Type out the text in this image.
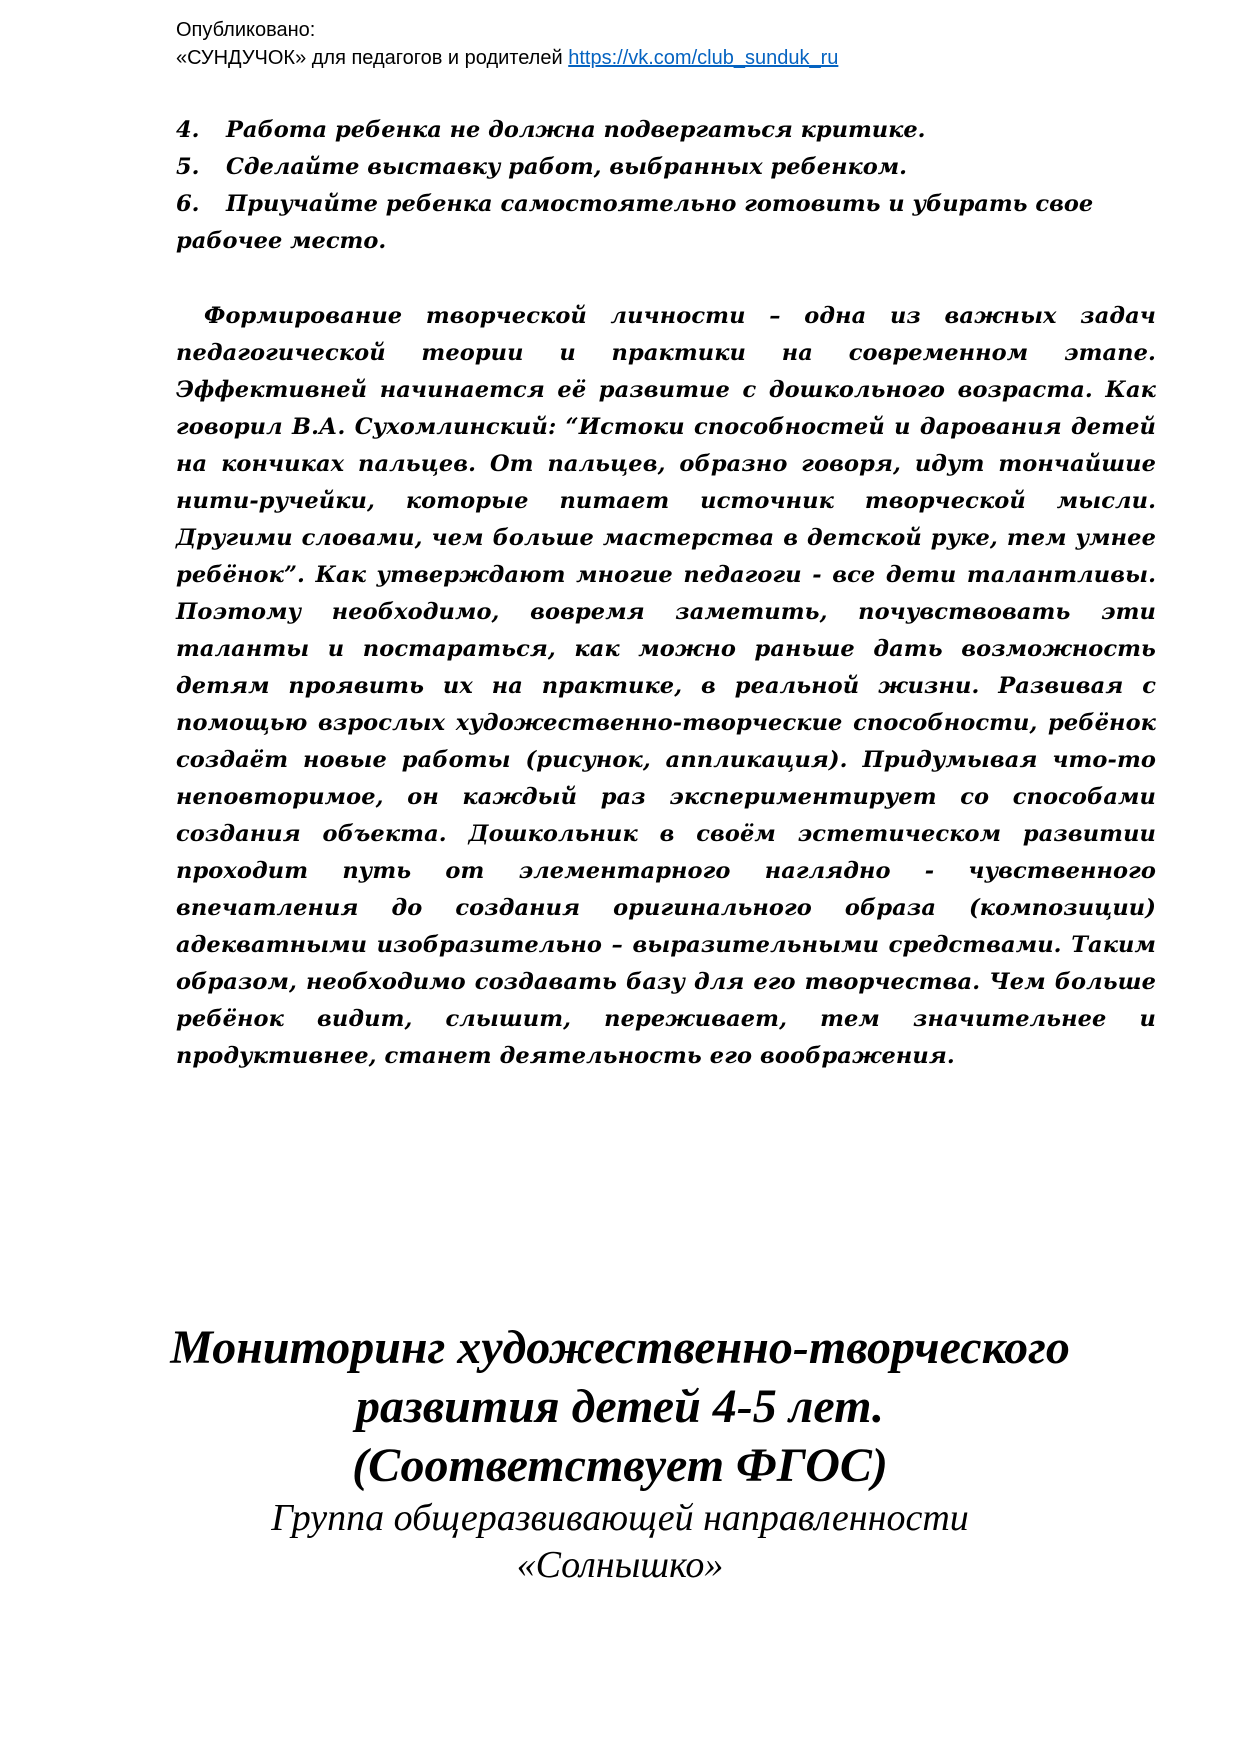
Опубликовано:
«СУНДУЧОК» для педагогов и родителей https://vk.com/club_sunduk_ru
4. Работа ребенка не должна подвергаться критике.
5. Сделайте выставку работ, выбранных ребенком.
6. Приучайте ребенка самостоятельно готовить и убирать свое рабочее место.

Формирование творческой личности – одна из важных задач педагогической теории и практики на современном этапе. Эффективней начинается её развитие с дошкольного возраста. Как говорил В.А. Сухомлинский: “Истоки способностей и дарования детей на кончиках пальцев. От пальцев, образно говоря, идут тончайшие нити-ручейки, которые питает источник творческой мысли. Другими словами, чем больше мастерства в детской руке, тем умнее ребёнок”. Как утверждают многие педагоги - все дети талантливы. Поэтому необходимо, вовремя заметить, почувствовать эти таланты и постараться, как можно раньше дать возможность детям проявить их на практике, в реальной жизни. Развивая с помощью взрослых художественно-творческие способности, ребёнок создаёт новые работы (рисунок, аппликация). Придумывая что-то неповторимое, он каждый раз экспериментирует со способами создания объекта. Дошкольник в своём эстетическом развитии проходит путь от элементарного наглядно - чувственного впечатления до создания оригинального образа (композиции) адекватными изобразительно – выразительными средствами. Таким образом, необходимо создавать базу для его творчества. Чем больше ребёнок видит, слышит, переживает, тем значительнее и продуктивнее, станет деятельность его воображения.

Мониторинг художественно-творческого
развития детей 4-5 лет.
(Соответствует ФГОС)
Группа общеразвивающей направленности
«Солнышко»
